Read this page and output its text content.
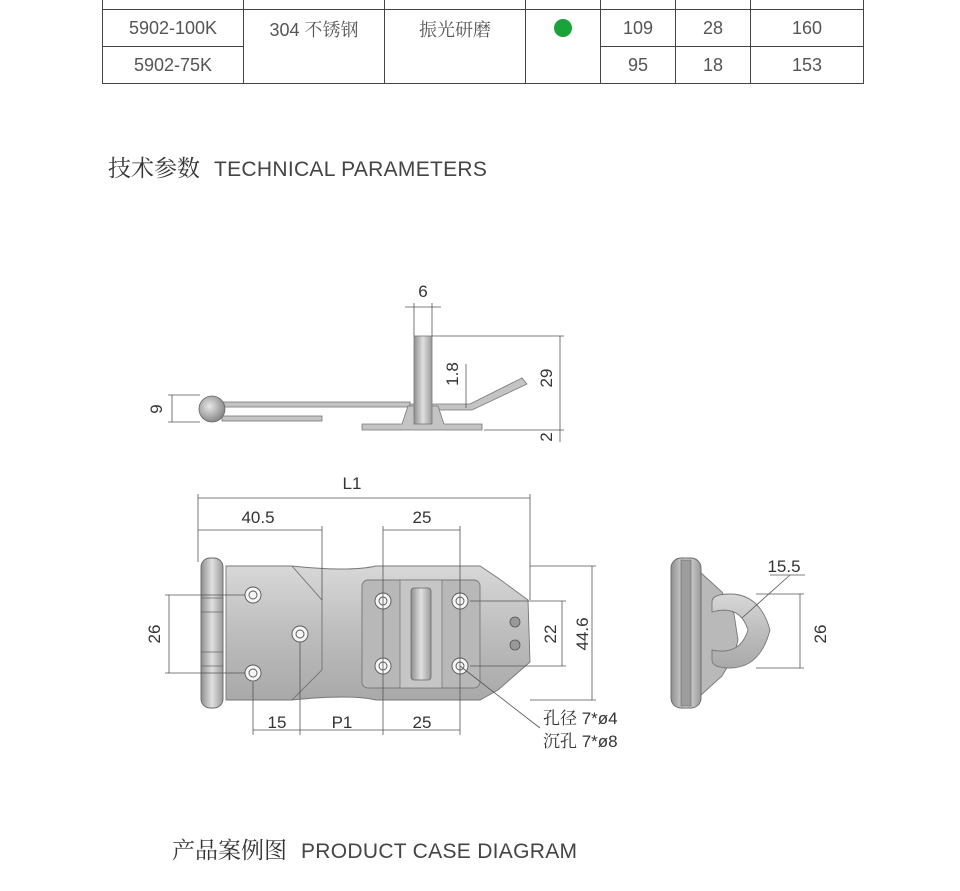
5902-100K	304 不锈钢	振光研磨		109	28	160
5902-75K				95	18	153
技术参数 TECHNICAL PARAMETERS
6
9
1.8	29
2
L1
40.5	25
26
15	P1	25
22 44.6
孔径 7*ø4
沉孔 7*ø8
15.5
26
产品案例图 PRODUCT CASE DIAGRAM
